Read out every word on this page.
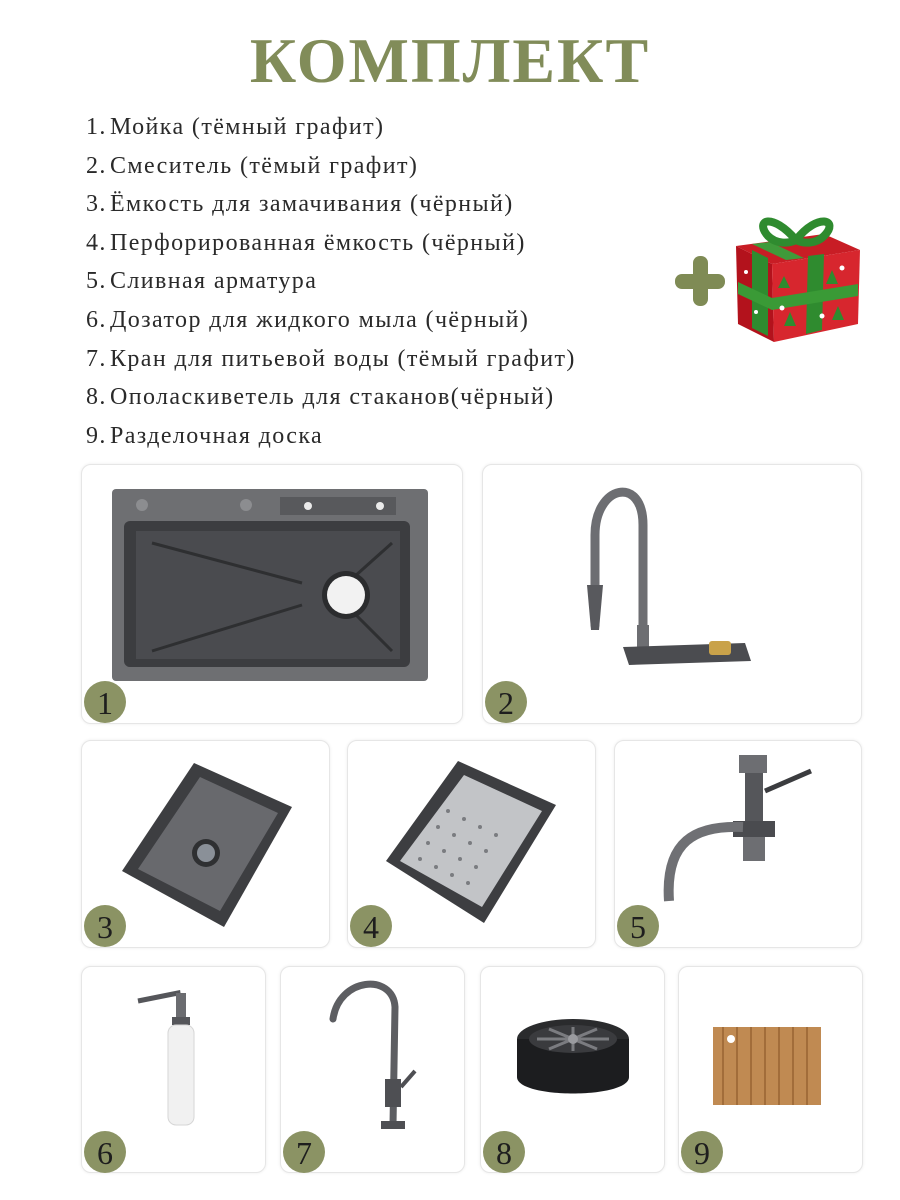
КОМПЛЕКТ
1. Мойка (тёмный графит)
2. Смеситель (тёмый графит)
3. Ёмкость для замачивания (чёрный)
4. Перфорированная ёмкость (чёрный)
5. Сливная арматура
6. Дозатор для жидкого мыла (чёрный)
7. Кран для питьевой воды (тёмый графит)
8. Ополаскиветель для стаканов(чёрный)
9. Разделочная доска
1	2
3	4	5
6	7	8	9
